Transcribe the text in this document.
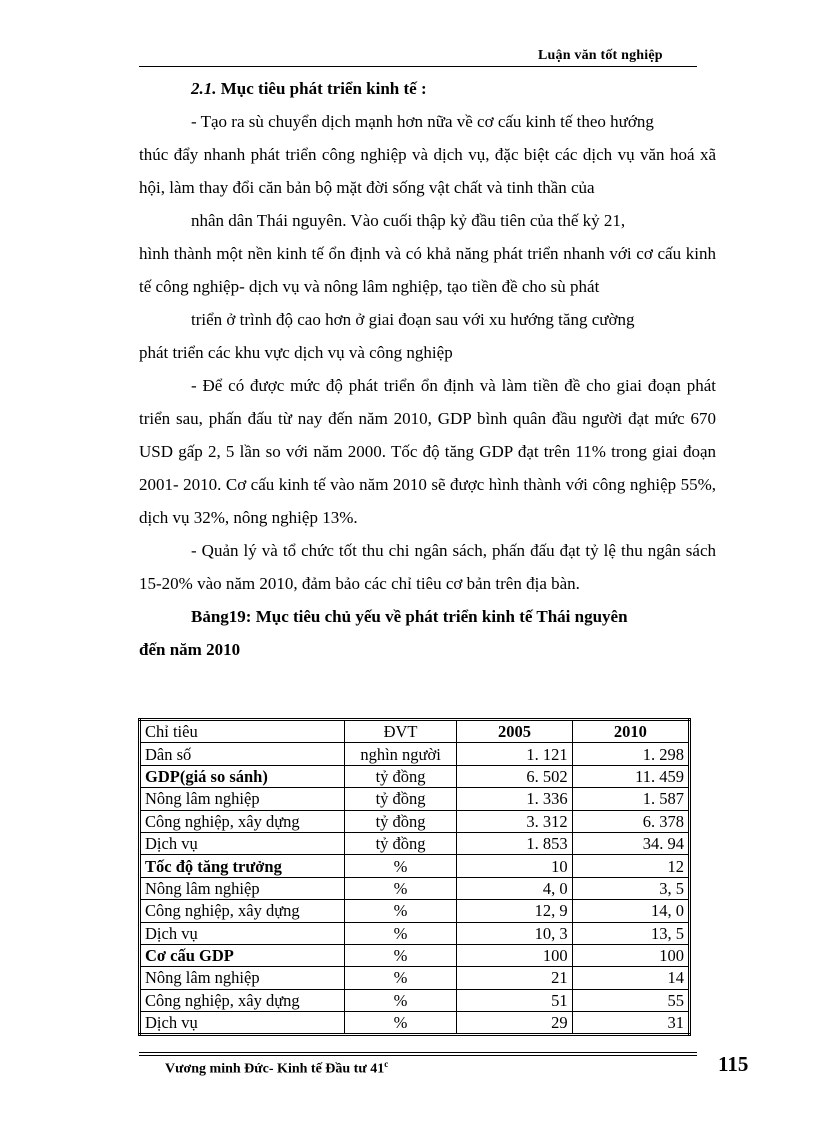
Luận văn tốt nghiệp

2.1. Mục tiêu phát triển kinh tế :

- Tạo ra sù chuyển dịch mạnh hơn nữa về cơ cấu kinh tế theo hướng

thúc đẩy nhanh phát triển công nghiệp và dịch vụ, đặc biệt các dịch vụ văn hoá xã hội, làm thay đổi căn bản bộ mặt đời sống vật chất và tinh thần của

nhân dân Thái nguyên. Vào cuối thập kỷ đầu tiên của thế kỷ 21,

hình thành một nền kinh tế ổn định và có khả năng phát triển nhanh với cơ cấu kinh tế công nghiệp- dịch vụ và nông lâm nghiệp, tạo tiền đề cho sù phát

triển ở trình độ cao hơn ở giai đoạn sau với xu hướng tăng cường

phát triển các khu vực dịch vụ và công nghiệp

- Để có được mức độ phát triển ổn định và làm tiền đề cho giai đoạn phát triển sau, phấn đấu từ nay đến năm 2010, GDP bình quân đầu người đạt mức 670 USD gấp 2, 5 lần so với năm 2000. Tốc độ tăng GDP đạt trên 11% trong giai đoạn 2001- 2010. Cơ cấu kinh tế vào năm 2010 sẽ được hình thành với công nghiệp 55%, dịch vụ 32%, nông nghiệp 13%.

- Quản lý và tổ chức tốt thu chi ngân sách, phấn đấu đạt tỷ lệ thu ngân sách 15-20% vào năm 2010, đảm bảo các chỉ tiêu cơ bản trên địa bàn.

Bảng19: Mục tiêu chủ yếu về phát triển kinh tế Thái nguyên

đến năm 2010

Chỉ tiêu	ĐVT	2005	2010
Dân số	nghìn người	1. 121	1. 298
GDP(giá so sánh)	tỷ đồng	6. 502	11. 459
Nông lâm nghiệp	tỷ đồng	1. 336	1. 587
Công nghiệp, xây dựng	tỷ đồng	3. 312	6. 378
Dịch vụ	tỷ đồng	1. 853	34. 94
Tốc độ tăng trưởng	%	10	12
Nông lâm nghiệp	%	4, 0	3, 5
Công nghiệp, xây dựng	%	12, 9	14, 0
Dịch vụ	%	10, 3	13, 5
Cơ cấu GDP	%	100	100
Nông lâm nghiệp	%	21	14
Công nghiệp, xây dựng	%	51	55
Dịch vụ	%	29	31
Vương minh Đức- Kinh tế Đầu tư 41$^c$	115
